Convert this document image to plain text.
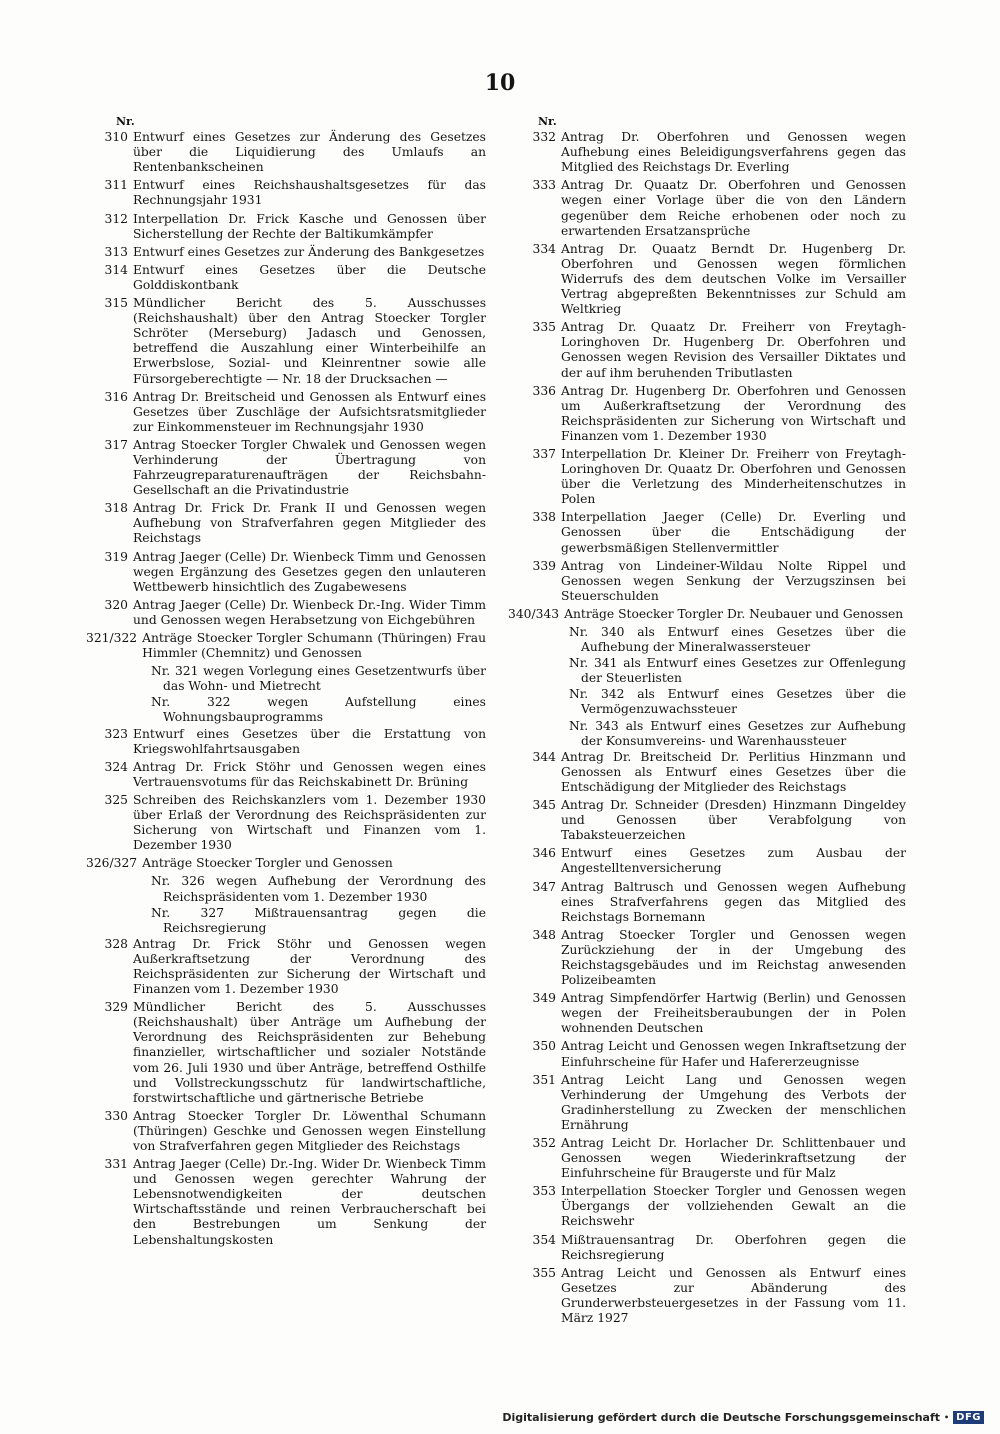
10
Nr.
310 Entwurf eines Gesetzes zur Änderung des Gesetzes über die Liquidierung des Umlaufs an Rentenbankscheinen
311 Entwurf eines Reichshaushaltsgesetzes für das Rechnungsjahr 1931
312 Interpellation Dr. Frick Kasche und Genossen über Sicherstellung der Rechte der Baltikumkämpfer
313 Entwurf eines Gesetzes zur Änderung des Bankgesetzes
314 Entwurf eines Gesetzes über die Deutsche Golddiskontbank
315 Mündlicher Bericht des 5. Ausschusses (Reichshaushalt) über den Antrag Stoecker Torgler Schröter (Merseburg) Jadasch und Genossen, betreffend die Auszahlung einer Winterbeihilfe an Erwerbslose, Sozial- und Kleinrentner sowie alle Fürsorgeberechtigte — Nr. 18 der Drucksachen —
316 Antrag Dr. Breitscheid und Genossen als Entwurf eines Gesetzes über Zuschläge der Aufsichtsratsmitglieder zur Einkommensteuer im Rechnungsjahr 1930
317 Antrag Stoecker Torgler Chwalek und Genossen wegen Verhinderung der Übertragung von Fahrzeugreparaturenaufträgen der Reichsbahn-Gesellschaft an die Privatindustrie
318 Antrag Dr. Frick Dr. Frank II und Genossen wegen Aufhebung von Strafverfahren gegen Mitglieder des Reichstags
319 Antrag Jaeger (Celle) Dr. Wienbeck Timm und Genossen wegen Ergänzung des Gesetzes gegen den unlauteren Wettbewerb hinsichtlich des Zugabewesens
320 Antrag Jaeger (Celle) Dr. Wienbeck Dr.-Ing. Wider Timm und Genossen wegen Herabsetzung von Eichgebühren
321/322 Anträge Stoecker Torgler Schumann (Thüringen) Frau Himmler (Chemnitz) und Genossen
Nr. 321 wegen Vorlegung eines Gesetzentwurfs über das Wohn- und Mietrecht
Nr. 322 wegen Aufstellung eines Wohnungsbauprogramms
323 Entwurf eines Gesetzes über die Erstattung von Kriegswohlfahrtsausgaben
324 Antrag Dr. Frick Stöhr und Genossen wegen eines Vertrauensvotums für das Reichskabinett Dr. Brüning
325 Schreiben des Reichskanzlers vom 1. Dezember 1930 über Erlaß der Verordnung des Reichspräsidenten zur Sicherung von Wirtschaft und Finanzen vom 1. Dezember 1930
326/327 Anträge Stoecker Torgler und Genossen
Nr. 326 wegen Aufhebung der Verordnung des Reichspräsidenten vom 1. Dezember 1930
Nr. 327 Mißtrauensantrag gegen die Reichsregierung
328 Antrag Dr. Frick Stöhr und Genossen wegen Außerkraftsetzung der Verordnung des Reichspräsidenten zur Sicherung der Wirtschaft und Finanzen vom 1. Dezember 1930
329 Mündlicher Bericht des 5. Ausschusses (Reichshaushalt) über Anträge um Aufhebung der Verordnung des Reichspräsidenten zur Behebung finanzieller, wirtschaftlicher und sozialer Notstände vom 26. Juli 1930 und über Anträge, betreffend Osthilfe und Vollstreckungsschutz für landwirtschaftliche, forstwirtschaftliche und gärtnerische Betriebe
330 Antrag Stoecker Torgler Dr. Löwenthal Schumann (Thüringen) Geschke und Genossen wegen Einstellung von Strafverfahren gegen Mitglieder des Reichstags
331 Antrag Jaeger (Celle) Dr.-Ing. Wider Dr. Wienbeck Timm und Genossen wegen gerechter Wahrung der Lebensnotwendigkeiten der deutschen Wirtschaftsstände und reinen Verbraucherschaft bei den Bestrebungen um Senkung der Lebenshaltungskosten
Nr.
332 Antrag Dr. Oberfohren und Genossen wegen Aufhebung eines Beleidigungsverfahrens gegen das Mitglied des Reichstags Dr. Everling
333 Antrag Dr. Quaatz Dr. Oberfohren und Genossen wegen einer Vorlage über die von den Ländern gegenüber dem Reiche erhobenen oder noch zu erwartenden Ersatzansprüche
334 Antrag Dr. Quaatz Berndt Dr. Hugenberg Dr. Oberfohren und Genossen wegen förmlichen Widerrufs des dem deutschen Volke im Versailler Vertrag abgepreßten Bekenntnisses zur Schuld am Weltkrieg
335 Antrag Dr. Quaatz Dr. Freiherr von Freytagh-Loringhoven Dr. Hugenberg Dr. Oberfohren und Genossen wegen Revision des Versailler Diktates und der auf ihm beruhenden Tributlasten
336 Antrag Dr. Hugenberg Dr. Oberfohren und Genossen um Außerkraftsetzung der Verordnung des Reichspräsidenten zur Sicherung von Wirtschaft und Finanzen vom 1. Dezember 1930
337 Interpellation Dr. Kleiner Dr. Freiherr von Freytagh-Loringhoven Dr. Quaatz Dr. Oberfohren und Genossen über die Verletzung des Minderheitenschutzes in Polen
338 Interpellation Jaeger (Celle) Dr. Everling und Genossen über die Entschädigung der gewerbsmäßigen Stellenvermittler
339 Antrag von Lindeiner-Wildau Nolte Rippel und Genossen wegen Senkung der Verzugszinsen bei Steuerschulden
340/343 Anträge Stoecker Torgler Dr. Neubauer und Genossen
Nr. 340 als Entwurf eines Gesetzes über die Aufhebung der Mineralwassersteuer
Nr. 341 als Entwurf eines Gesetzes zur Offenlegung der Steuerlisten
Nr. 342 als Entwurf eines Gesetzes über die Vermögenzuwachssteuer
Nr. 343 als Entwurf eines Gesetzes zur Aufhebung der Konsumvereins- und Warenhaussteuer
344 Antrag Dr. Breitscheid Dr. Perlitius Hinzmann und Genossen als Entwurf eines Gesetzes über die Entschädigung der Mitglieder des Reichstags
345 Antrag Dr. Schneider (Dresden) Hinzmann Dingeldey und Genossen über Verabfolgung von Tabaksteuerzeichen
346 Entwurf eines Gesetzes zum Ausbau der Angestelltenversicherung
347 Antrag Baltrusch und Genossen wegen Aufhebung eines Strafverfahrens gegen das Mitglied des Reichstags Bornemann
348 Antrag Stoecker Torgler und Genossen wegen Zurückziehung der in der Umgebung des Reichstagsgebäudes und im Reichstag anwesenden Polizeibeamten
349 Antrag Simpfendörfer Hartwig (Berlin) und Genossen wegen der Freiheitsberaubungen der in Polen wohnenden Deutschen
350 Antrag Leicht und Genossen wegen Inkraftsetzung der Einfuhrscheine für Hafer und Hafererzeugnisse
351 Antrag Leicht Lang und Genossen wegen Verhinderung der Umgehung des Verbots der Gradinherstellung zu Zwecken der menschlichen Ernährung
352 Antrag Leicht Dr. Horlacher Dr. Schlittenbauer und Genossen wegen Wiederinkraftsetzung der Einfuhrscheine für Braugerste und für Malz
353 Interpellation Stoecker Torgler und Genossen wegen Übergangs der vollziehenden Gewalt an die Reichswehr
354 Mißtrauensantrag Dr. Oberfohren gegen die Reichsregierung
355 Antrag Leicht und Genossen als Entwurf eines Gesetzes zur Abänderung des Grunderwerbsteuergesetzes in der Fassung vom 11. März 1927
Digitalisierung gefördert durch die Deutsche Forschungsgemeinschaft • DFG
